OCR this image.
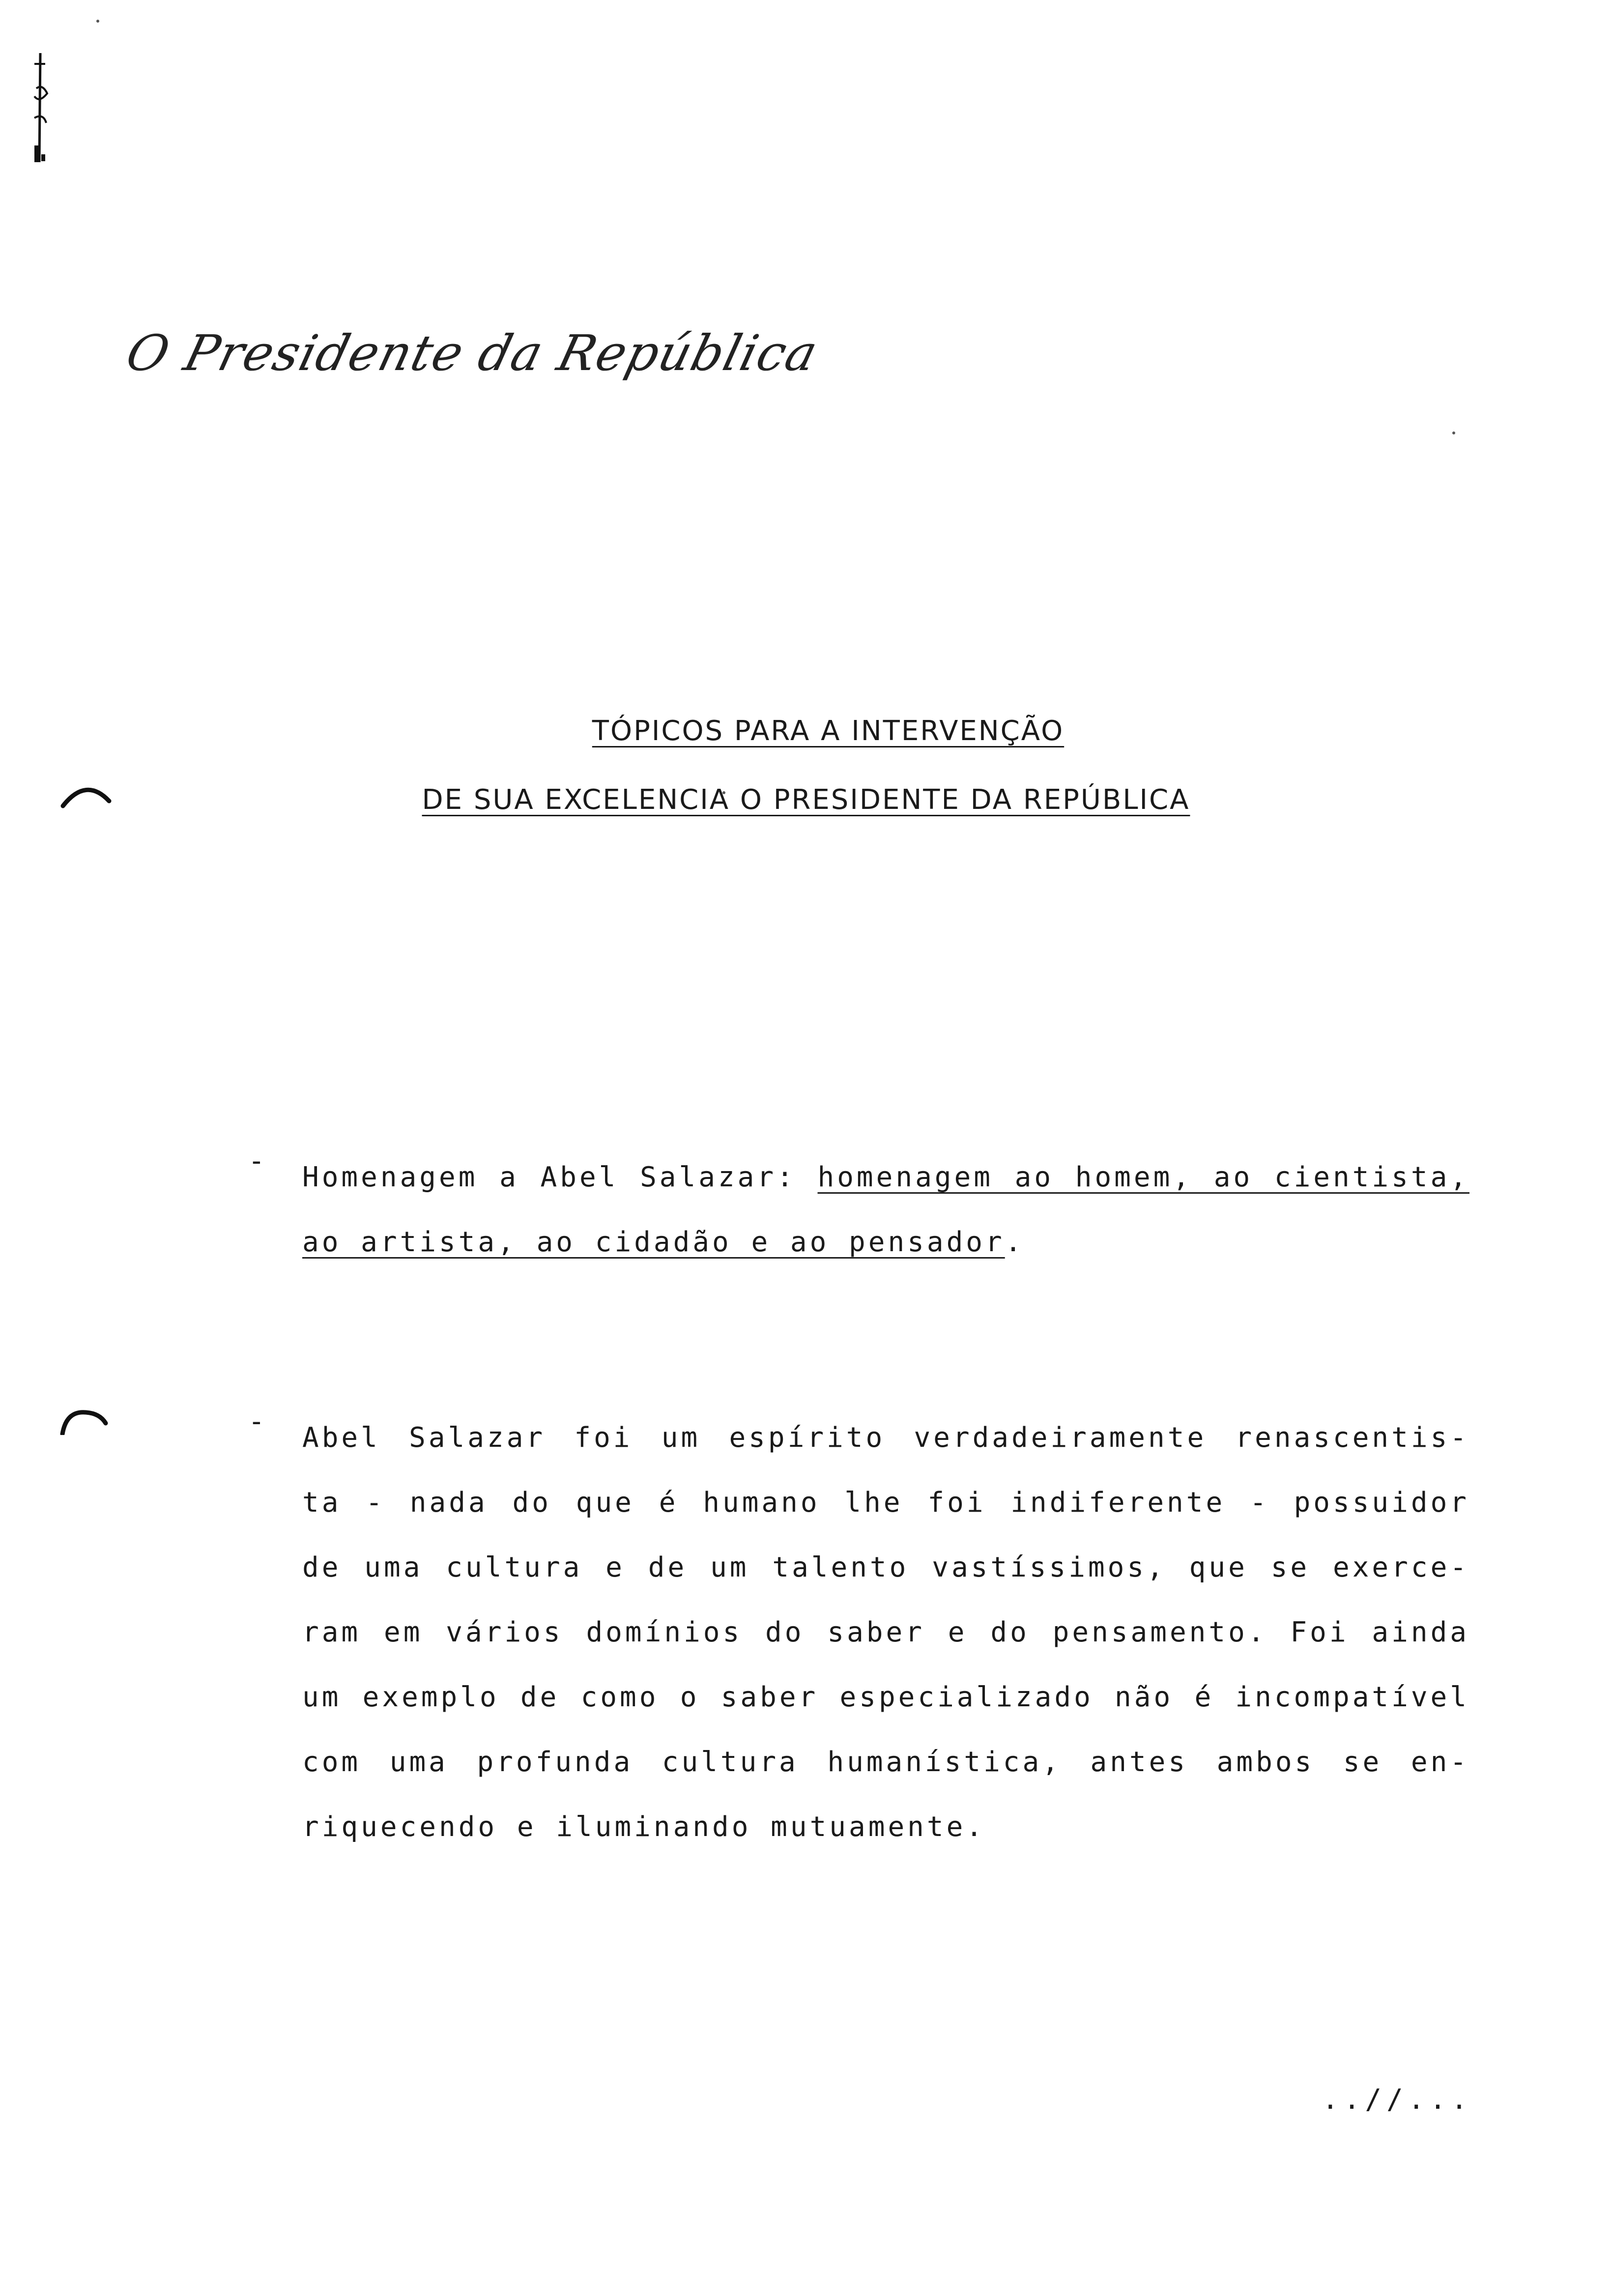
O Presidente da República
TÓPICOS PARA A INTERVENÇÃO
DE SUA EXCELENCIA O PRESIDENTE DA REPÚBLICA
-
Homenagem a Abel Salazar: homenagem ao homem, ao cientista, ao artista, ao cidadão e ao pensador.
-
Abel Salazar foi um espírito verdadeiramente renascentis- ta - nada do que é humano lhe foi indiferente - possuidor de uma cultura e de um talento vastíssimos, que se exerce- ram em vários domínios do saber e do pensamento. Foi ainda um exemplo de como o saber especializado não é incompatível com uma profunda cultura humanística, antes ambos se en- riquecendo e iluminando mutuamente.
..//...
